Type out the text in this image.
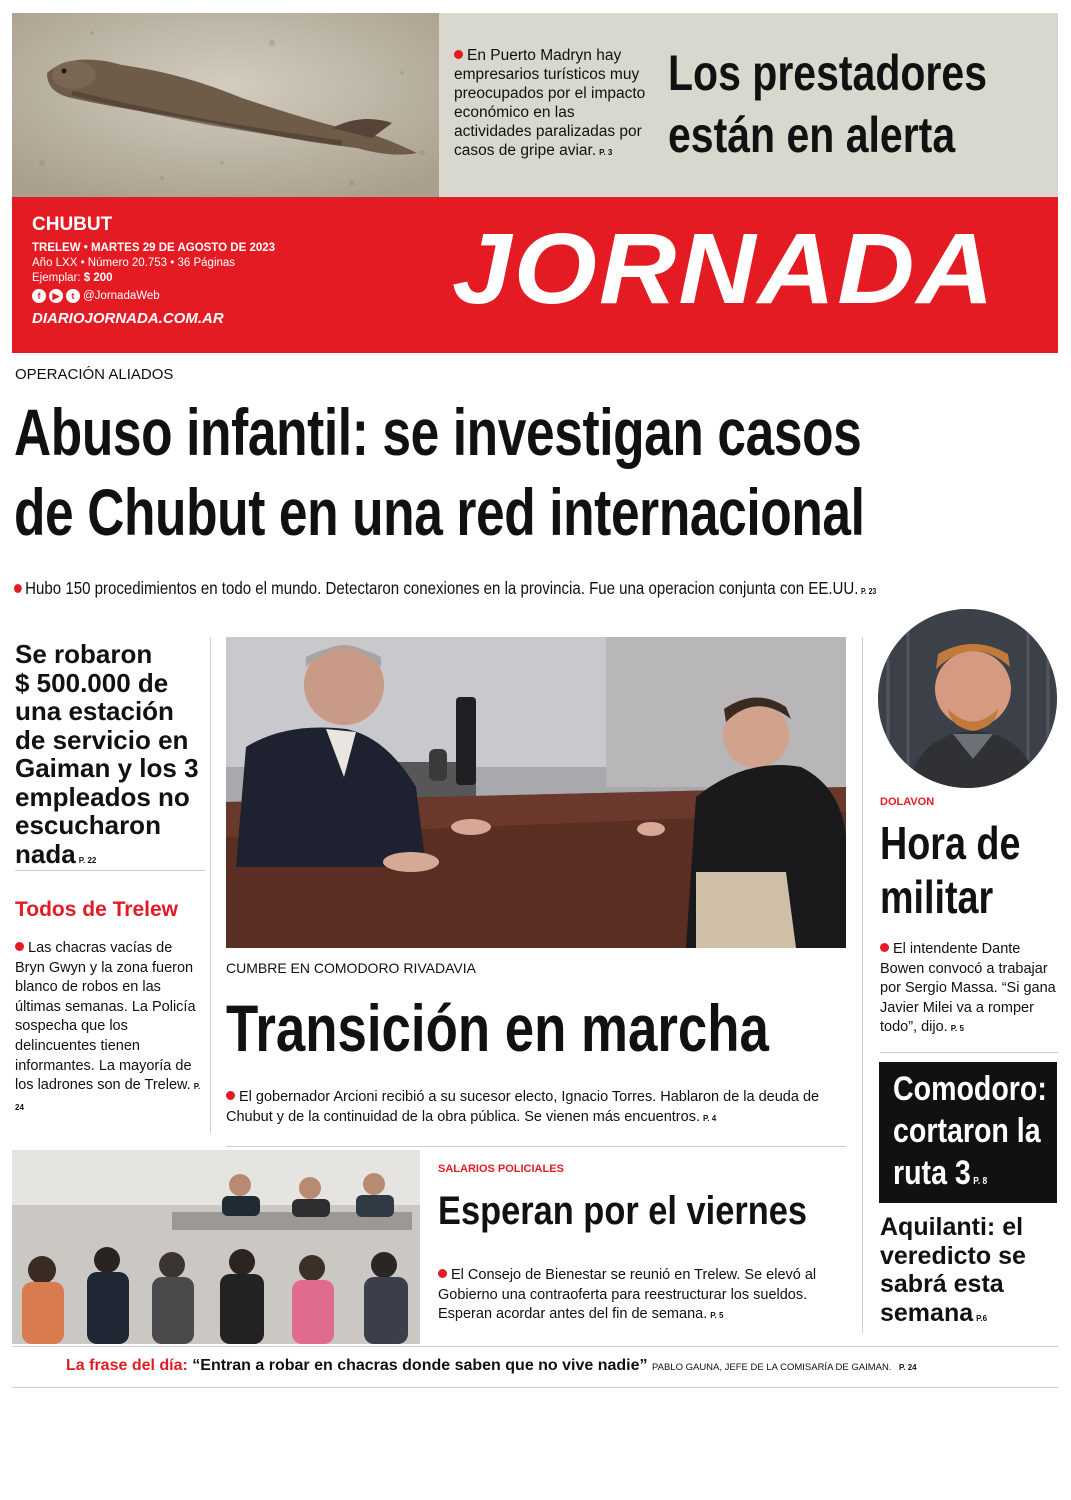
En Puerto Madryn hay empresarios turísticos muy preocupados por el impacto económico en las actividades paralizadas por casos de gripe aviar. P. 3
Los prestadores
están en alerta
CHUBUT
TRELEW • MARTES 29 DE AGOSTO DE 2023
Año LXX • Número 20.753 • 36 Páginas
Ejemplar: $ 200
f	▶	t @JornadaWeb
DIARIOJORNADA.COM.AR JORNADA
OPERACIÓN ALIADOS
Abuso infantil: se investigan casos
de Chubut en una red internacional
Hubo 150 procedimientos en todo el mundo. Detectaron conexiones en la provincia. Fue una operacion conjunta con EE.UU. P. 23
Se robaron
$ 500.000 de
una estación
de servicio en
Gaiman y los 3
empleados no
escucharon
nada P. 22
Todos de Trelew
Las chacras vacías de Bryn Gwyn y la zona fueron blanco de robos en las últimas semanas. La Policía sospecha que los delincuentes tienen informantes. La mayoría de los ladrones son de Trelew. P. 24
CUMBRE EN COMODORO RIVADAVIA
Transición en marcha
El gobernador Arcioni recibió a su sucesor electo, Ignacio Torres. Hablaron de la deuda de Chubut y de la continuidad de la obra pública. Se vienen más encuentros. P. 4
SALARIOS POLICIALES
Esperan por el viernes
El Consejo de Bienestar se reunió en Trelew. Se elevó al Gobierno una contraoferta para reestructurar los sueldos. Esperan acordar antes del fin de semana. P. 5
DOLAVON
Hora de
militar
El intendente Dante Bowen convocó a trabajar por Sergio Massa. “Si gana Javier Milei va a romper todo”, dijo. P. 5
Comodoro:
cortaron la
ruta 3 P. 8
Aquilanti: el
veredicto se
sabrá esta
semana P.6
La frase del día: “Entran a robar en chacras donde saben que no vive nadie” PABLO GAUNA, JEFE DE LA COMISARÍA DE GAIMAN. P. 24
